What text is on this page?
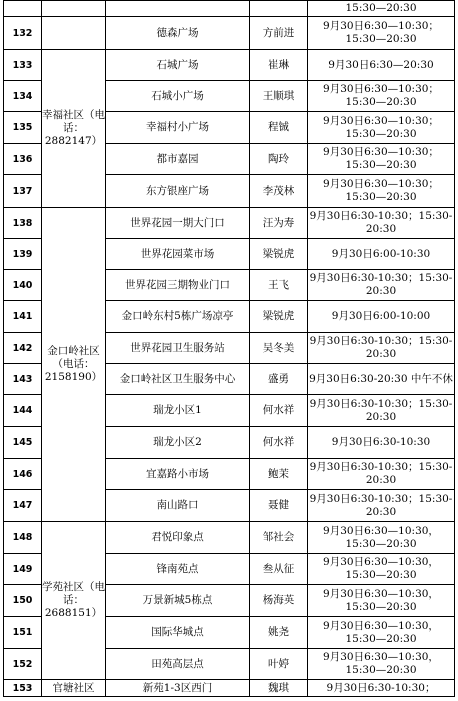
				15:30—20:30
132		德森广场	方前进	9月30日6:30—10:30；15:30—20:30
133	幸福社区（电话：2882147）	石城广场	崔琳	9月30日6:30—20:30
134		石城小广场	王顺琪	9月30日6:30—10:30；15:30—20:30
135		幸福村小广场	程铖	9月30日6:30—10:30；15:30—20:30
136		都市嘉园	陶玲	9月30日6:30—10:30；15:30—20:30
137		东方银座广场	李茂林	9月30日6:30—10:30；15:30—20:30
138	金口岭社区（电话：2158190）	世界花园一期大门口	汪为寿	9月30日6:30-10:30；15:30-20:30
139		世界花园菜市场	梁锐虎	9月30日6:00-10:30
140		世界花园三期物业门口	王飞	9月30日6:30-10:30；15:30-20:30
141		金口岭东村5栋广场凉亭	梁锐虎	9月30日6:00-10:00
142		世界花园卫生服务站	吴冬美	9月30日6:30-10:30；15:30-20:30
143		金口岭社区卫生服务中心	盛勇	9月30日6:30-20:30 中午不休
144		瑞龙小区1	何水祥	9月30日6:30-10:30；15:30-20:30
145		瑞龙小区2	何水祥	9月30日6:30-10:30
146		宜嘉路小市场	鲍茉	9月30日6:30-10:30；15:30-20:30
147		南山路口	聂健	9月30日6:30-10:30；15:30-20:30
148	学苑社区（电话：2688151）	君悦印象点	邹社会	9月30日6:30—10:30，15:30—20:30
149		锋南苑点	叁从征	9月30日6:30—10:30，15:30—20:30
150		万景新城5栋点	杨海英	9月30日6:30—10:30，15:30—20:30
151		国际华城点	姚尧	9月30日6:30—10:30，15:30—20:30
152		田苑高层点	叶婷	9月30日6:30—10:30，15:30—20:30
153	官塘社区	新苑1-3区西门	魏琪	9月30日6:30-10:30；
